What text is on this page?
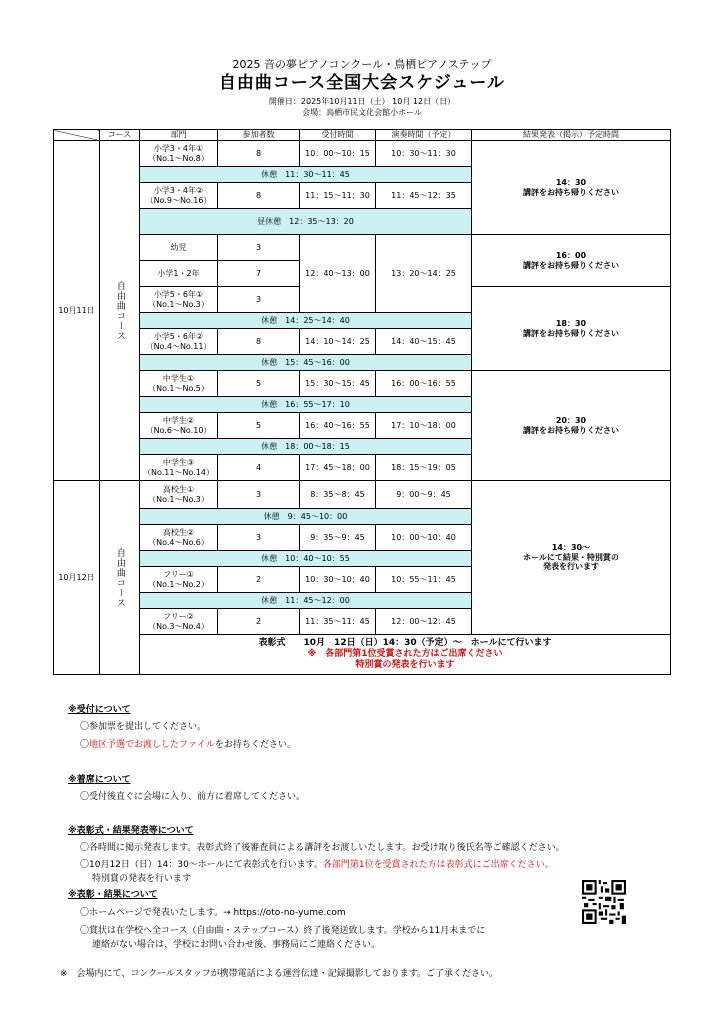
2025 音の夢ピアノコンクール・鳥栖ピアノステップ
自由曲コース全国大会スケジュール
開催日：2025年10月11日（土） 10月 12日（日）
会場：鳥栖市民文化会館小ホール
	コース	部門	参加者数	受付時間	演奏時間（予定）	結果発表（掲示）予定時間
10月11日	自由曲コース	小学3・4年①
（No.1～No.8）	8	10：00～10：15	10：30～11：30	14：30
講評をお持ち帰りください
		休憩　11：30～11：45				
		小学3・4年②
（No.9～No.16）	8	11：15～11：30	11：45～12：35	
		昼休憩　12：35～13：20				
		幼児	3	12：40～13：00	13：20～14：25	16：00
講評をお持ち帰りください
		小学1・2年	7			
		小学5・6年①
（No.1～No.3）	3			18：30
講評をお持ち帰りください
		休憩　14：25～14：40				
		小学5・6年②
（No.4～No.11）	8	14：10～14：25	14：40～15：45	
		休憩　15：45～16：00				
		中学生①
（No.1～No.5）	5	15：30～15：45	16：00～16：55	20：30
講評をお持ち帰りください
		休憩　16：55～17：10				
		中学生②
（No.6～No.10）	5	16：40～16：55	17：10～18：00	
		休憩　18：00～18：15				
		中学生③
（No.11～No.14）	4	17：45～18：00	18：15～19：05	
10月12日	自由曲コース	高校生①
（No.1～No.3）	3	8：35～8：45	9：00～9：45	14：30～
ホールにて結果・特別賞の
発表を行います
		休憩　9：45～10：00				
		高校生②
（No.4～No.6）	3	9：35～9：45	10：00～10：40	
		休憩　10：40～10：55				
		フリー①
（No.1～No.2）	2	10：30～10：40	10：55～11：45	
		休憩　11：45～12：00				
		フリー②
（No.3～No.4）	2	11：35～11：45	12：00～12：45	
		表彰式　　10月　12日（日）14：30（予定）～　ホールにて行います
※　各部門第1位受賞された方はご出席ください
特別賞の発表を行います				
※受付について
〇参加票を提出してください。
〇地区予選でお渡ししたファイルをお持ちください。
※着席について
〇受付後直ぐに会場に入り、前方に着席してください。
※表彰式・結果発表等について
〇各時間に掲示発表します。表彰式終了後審査員による講評をお渡しいたします。お受け取り後氏名等ご確認ください。
〇10月12日（日）14：30～ホールにて表彰式を行います。各部門第1位を受賞された方は表彰式にご出席ください。
特別賞の発表を行います
※表彰・結果について
〇ホームページで発表いたします。→ https://oto-no-yume.com
〇賞状は在学校へ全コース（自由曲・ステップコース）終了後発送致します。学校から11月末までに
連絡がない場合は、学校にお問い合わせ後、事務局にご連絡ください。
※　会場内にて、コンクールスタッフが携帯電話による運営伝達・記録撮影しております。ご了承ください。
